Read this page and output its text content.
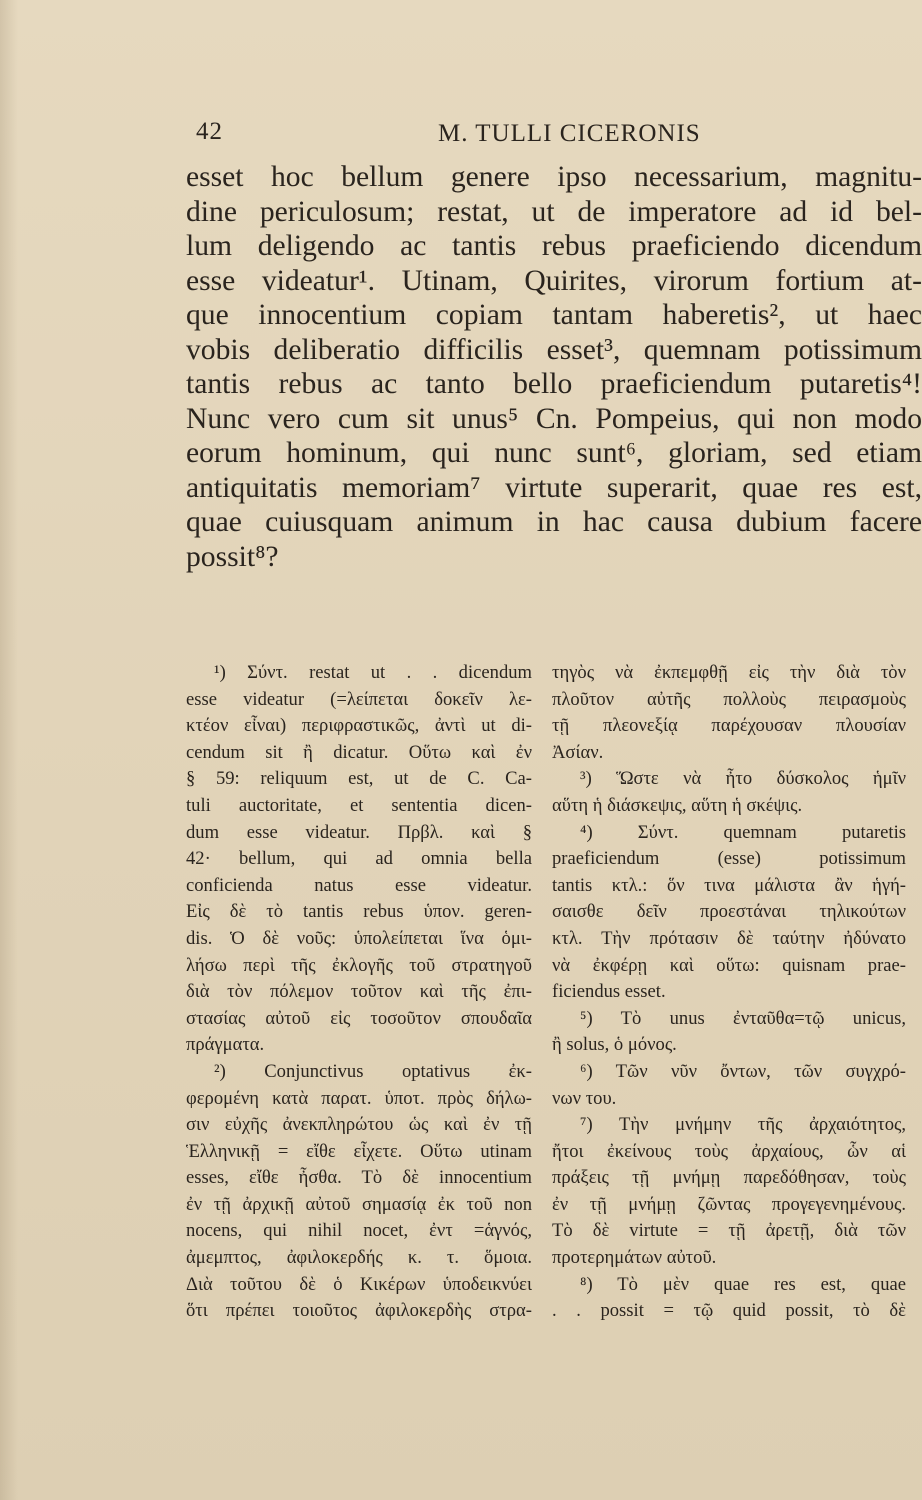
42	M. TULLI CICERONIS
esset hoc bellum genere ipso necessarium, magnitu-
dine periculosum; restat, ut de imperatore ad id bel-
lum deligendo ac tantis rebus praeficiendo dicendum
esse videatur¹. Utinam, Quirites, virorum fortium at-
que innocentium copiam tantam haberetis², ut haec
vobis deliberatio difficilis esset³, quemnam potissimum
tantis rebus ac tanto bello praeficiendum putaretis⁴!
Nunc vero cum sit unus⁵ Cn. Pompeius, qui non modo
eorum hominum, qui nunc sunt⁶, gloriam, sed etiam
antiquitatis memoriam⁷ virtute superarit, quae res est,
quae cuiusquam animum in hac causa dubium facere
possit⁸?
¹) Σύντ. restat ut . . dicendum
esse videatur (=λείπεται δοκεῖν λε-
κτέον εἶναι) περιφραστικῶς, ἀντὶ ut di-
cendum sit ἢ dicatur. Οὕτω καὶ ἐν
§ 59: reliquum est, ut de C. Ca-
tuli auctoritate, et sententia dicen-
dum esse videatur. Πρβλ. καὶ §
42· bellum, qui ad omnia bella
conficienda natus esse videatur.
Εἰς δὲ τὸ tantis rebus ὑπον. geren-
dis. Ὁ δὲ νοῦς: ὑπολείπεται ἵνα ὁμι-
λήσω περὶ τῆς ἐκλογῆς τοῦ στρατηγοῦ
διὰ τὸν πόλεμον τοῦτον καὶ τῆς ἐπι-
στασίας αὐτοῦ εἰς τοσοῦτον σπουδαῖα
πράγματα.
²) Conjunctivus optativus ἐκ-
φερομένη κατὰ παρατ. ὑποτ. πρὸς δήλω-
σιν εὐχῆς ἀνεκπληρώτου ὡς καὶ ἐν τῇ
Ἑλληνικῇ = εἴθε εἶχετε. Οὕτω utinam
esses, εἴθε ἦσθα. Τὸ δὲ innocentium
ἐν τῇ ἀρχικῇ αὐτοῦ σημασίᾳ ἐκ τοῦ non
nocens, qui nihil nocet, ἐντ =ἁγνός,
ἀμεμπτος, ἀφιλοκερδής κ. τ. ὅμοια.
Διὰ τοῦτου δὲ ὁ Κικέρων ὑποδεικνύει
ὅτι πρέπει τοιοῦτος ἀφιλοκερδὴς στρα-
τηγὸς νὰ ἐκπεμφθῇ εἰς τὴν διὰ τὸν
πλοῦτον αὐτῆς πολλοὺς πειρασμοὺς
τῇ πλεονεξίᾳ παρέχουσαν πλουσίαν
Ἀσίαν.
³) Ὥστε νὰ ἦτο δύσκολος ἡμῖν
αὕτη ἡ διάσκεψις, αὕτη ἡ σκέψις.
⁴) Σύντ. quemnam putaretis
praeficiendum (esse) potissimum
tantis κτλ.: ὅν τινα μάλιστα ἂν ἡγή-
σαισθε δεῖν προεστάναι τηλικούτων
κτλ. Τὴν πρότασιν δὲ ταύτην ἠδύνατο
νὰ ἐκφέρῃ καὶ οὕτω: quisnam prae-
ficiendus esset.
⁵) Τὸ unus ἐνταῦθα=τῷ unicus,
ἢ solus, ὁ μόνος.
⁶) Τῶν νῦν ὄντων, τῶν συγχρό-
νων του.
⁷) Τὴν μνήμην τῆς ἀρχαιότητος,
ἤτοι ἐκείνους τοὺς ἀρχαίους, ὧν αἱ
πράξεις τῇ μνήμῃ παρεδόθησαν, τοὺς
ἐν τῇ μνήμῃ ζῶντας προγεγενημένους.
Τὸ δὲ virtute = τῇ ἀρετῇ, διὰ τῶν
προτερημάτων αὐτοῦ.
⁸) Τὸ μὲν quae res est, quae
. . possit = τῷ quid possit, τὸ δὲ
